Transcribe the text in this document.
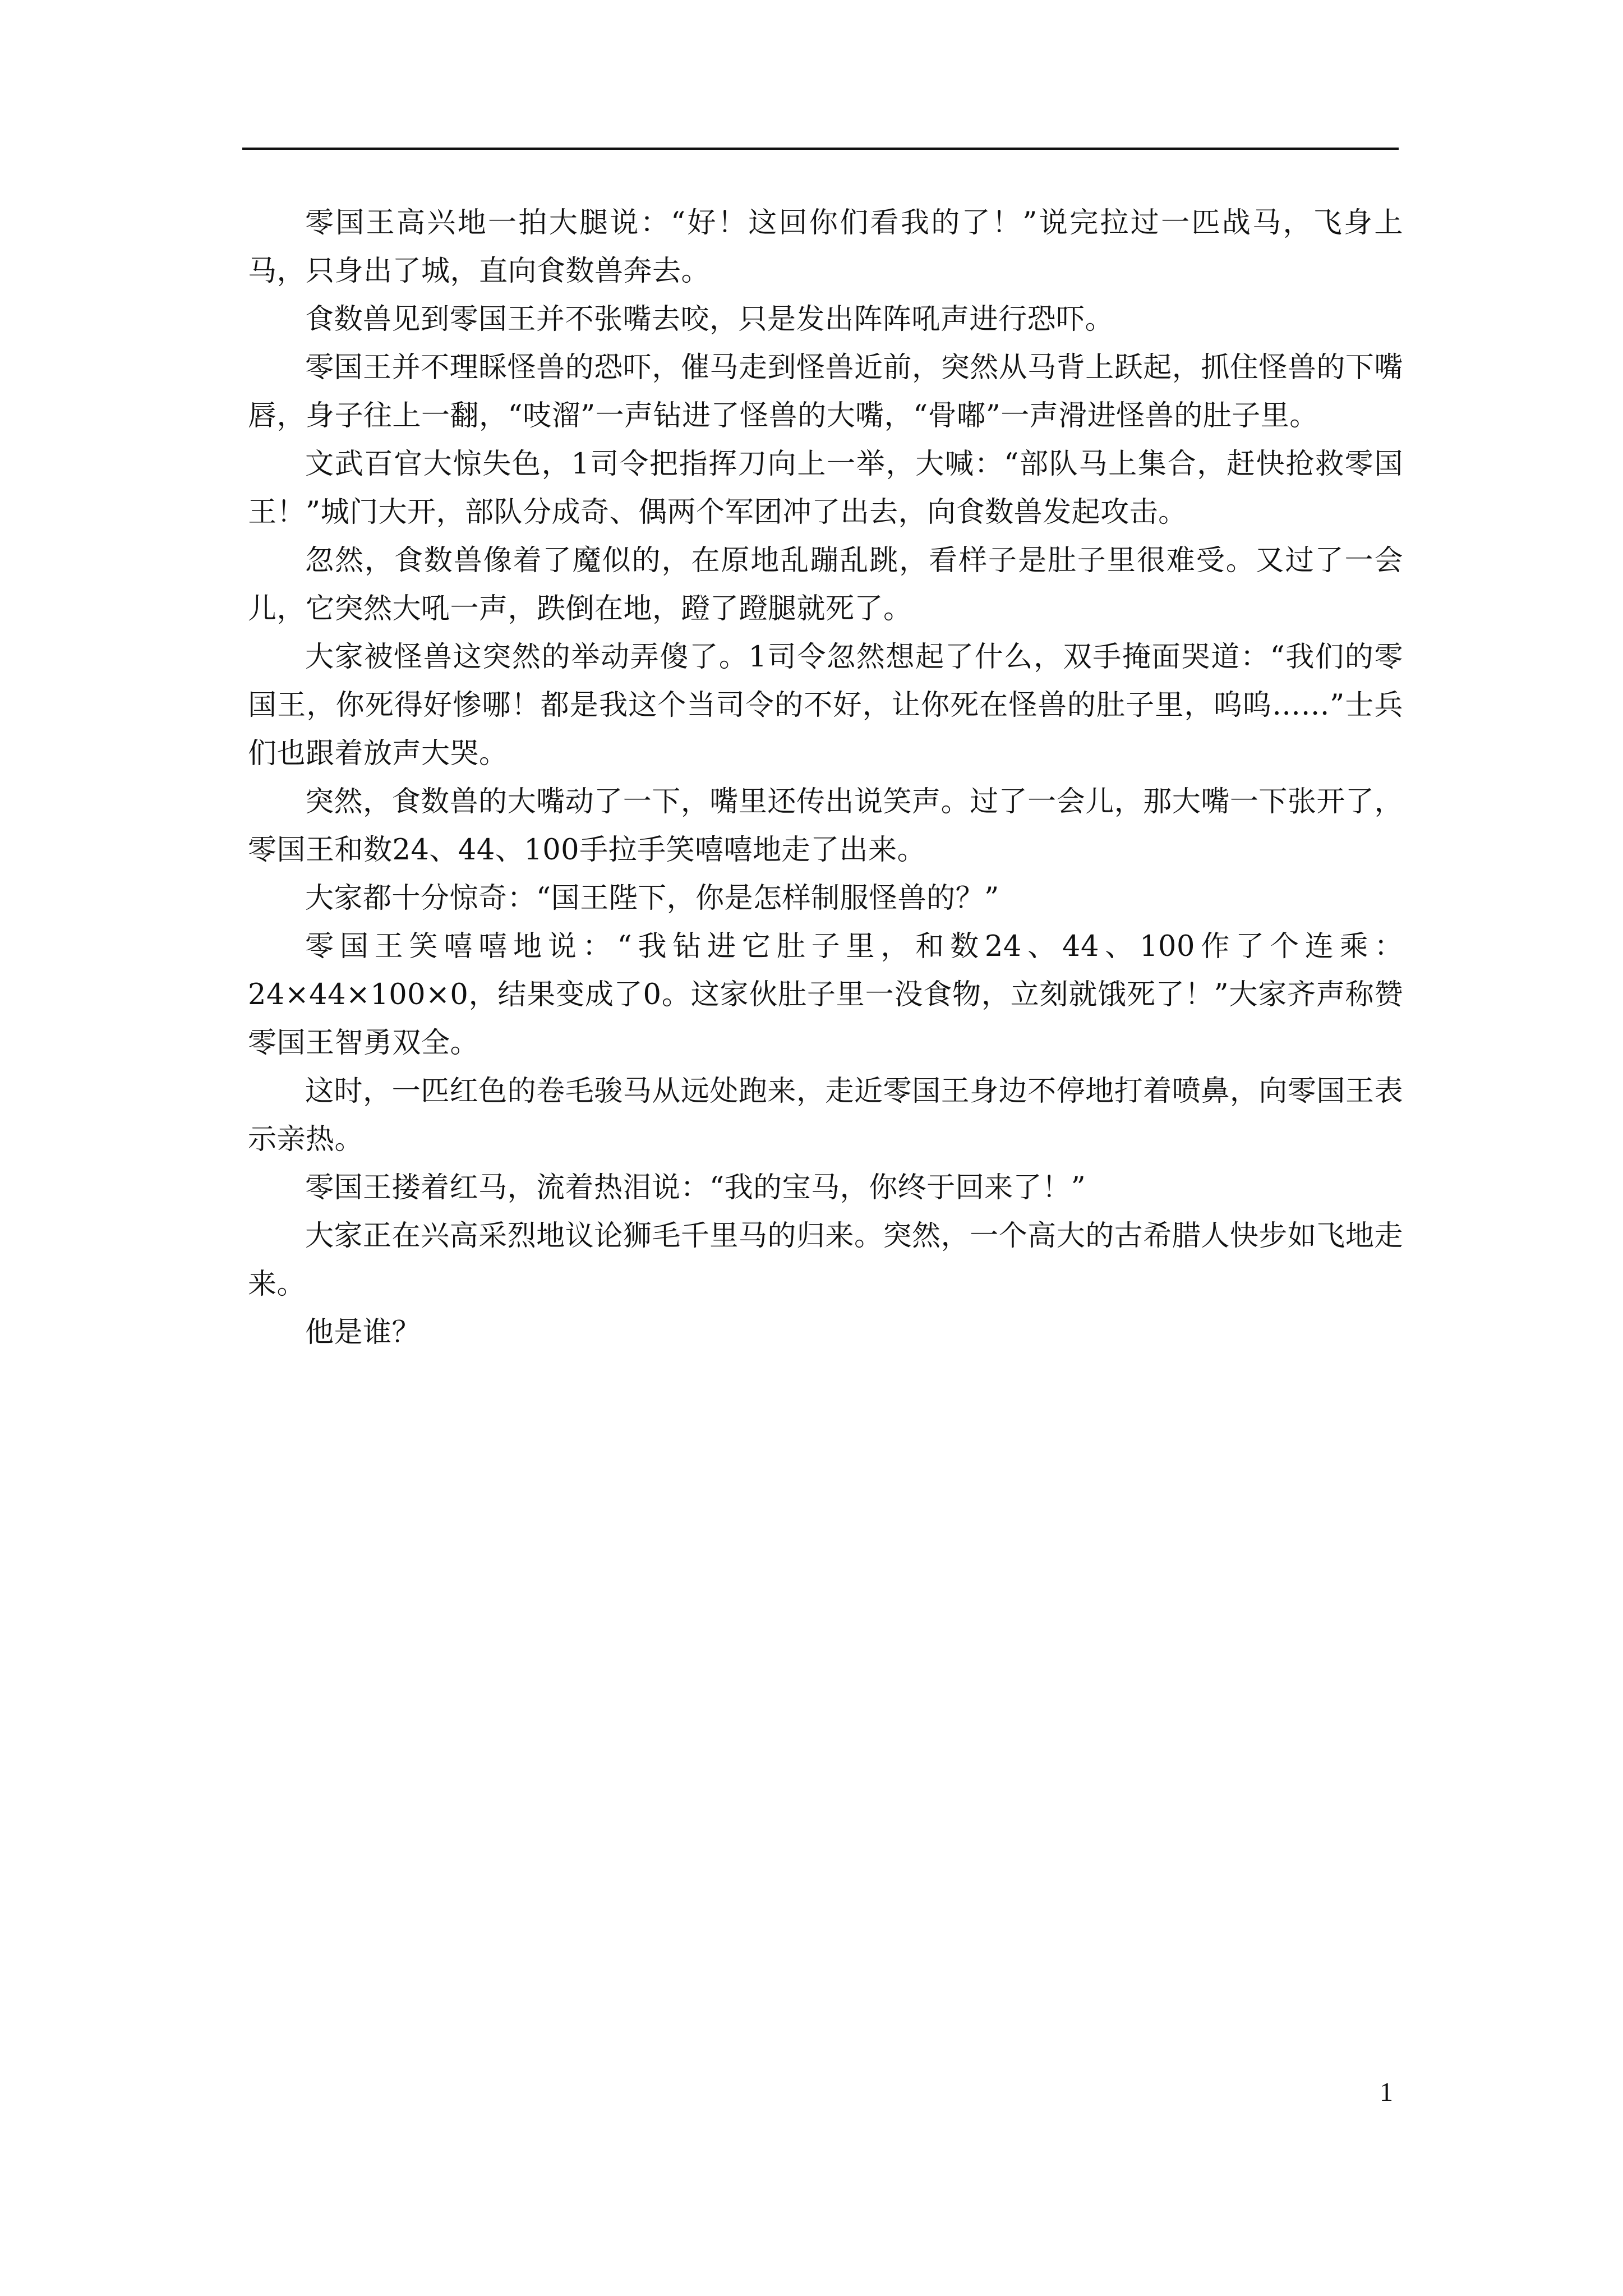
零国王高兴地一拍大腿说：“好！这回你们看我的了！”说完拉过一匹战马，飞身上马，只身出了城，直向食数兽奔去。

食数兽见到零国王并不张嘴去咬，只是发出阵阵吼声进行恐吓。

零国王并不理睬怪兽的恐吓，催马走到怪兽近前，突然从马背上跃起，抓住怪兽的下嘴唇，身子往上一翻，“吱溜”一声钻进了怪兽的大嘴，“骨嘟”一声滑进怪兽的肚子里。

文武百官大惊失色，1司令把指挥刀向上一举，大喊：“部队马上集合，赶快抢救零国王！”城门大开，部队分成奇、偶两个军团冲了出去，向食数兽发起攻击。

忽然，食数兽像着了魔似的，在原地乱蹦乱跳，看样子是肚子里很难受。又过了一会儿，它突然大吼一声，跌倒在地，蹬了蹬腿就死了。

大家被怪兽这突然的举动弄傻了。1司令忽然想起了什么，双手掩面哭道：“我们的零国王，你死得好惨哪！都是我这个当司令的不好，让你死在怪兽的肚子里，呜呜……”士兵们也跟着放声大哭。

突然，食数兽的大嘴动了一下，嘴里还传出说笑声。过了一会儿，那大嘴一下张开了，零国王和数24、44、100手拉手笑嘻嘻地走了出来。

大家都十分惊奇：“国王陛下，你是怎样制服怪兽的？”

零国王笑嘻嘻地说：“我钻进它肚子里，和数24、44、100作了个连乘：24×44×100×0，结果变成了0。这家伙肚子里一没食物，立刻就饿死了！”大家齐声称赞零国王智勇双全。

这时，一匹红色的卷毛骏马从远处跑来，走近零国王身边不停地打着喷鼻，向零国王表示亲热。

零国王搂着红马，流着热泪说：“我的宝马，你终于回来了！”

大家正在兴高采烈地议论狮毛千里马的归来。突然，一个高大的古希腊人快步如飞地走来。

他是谁？

1
